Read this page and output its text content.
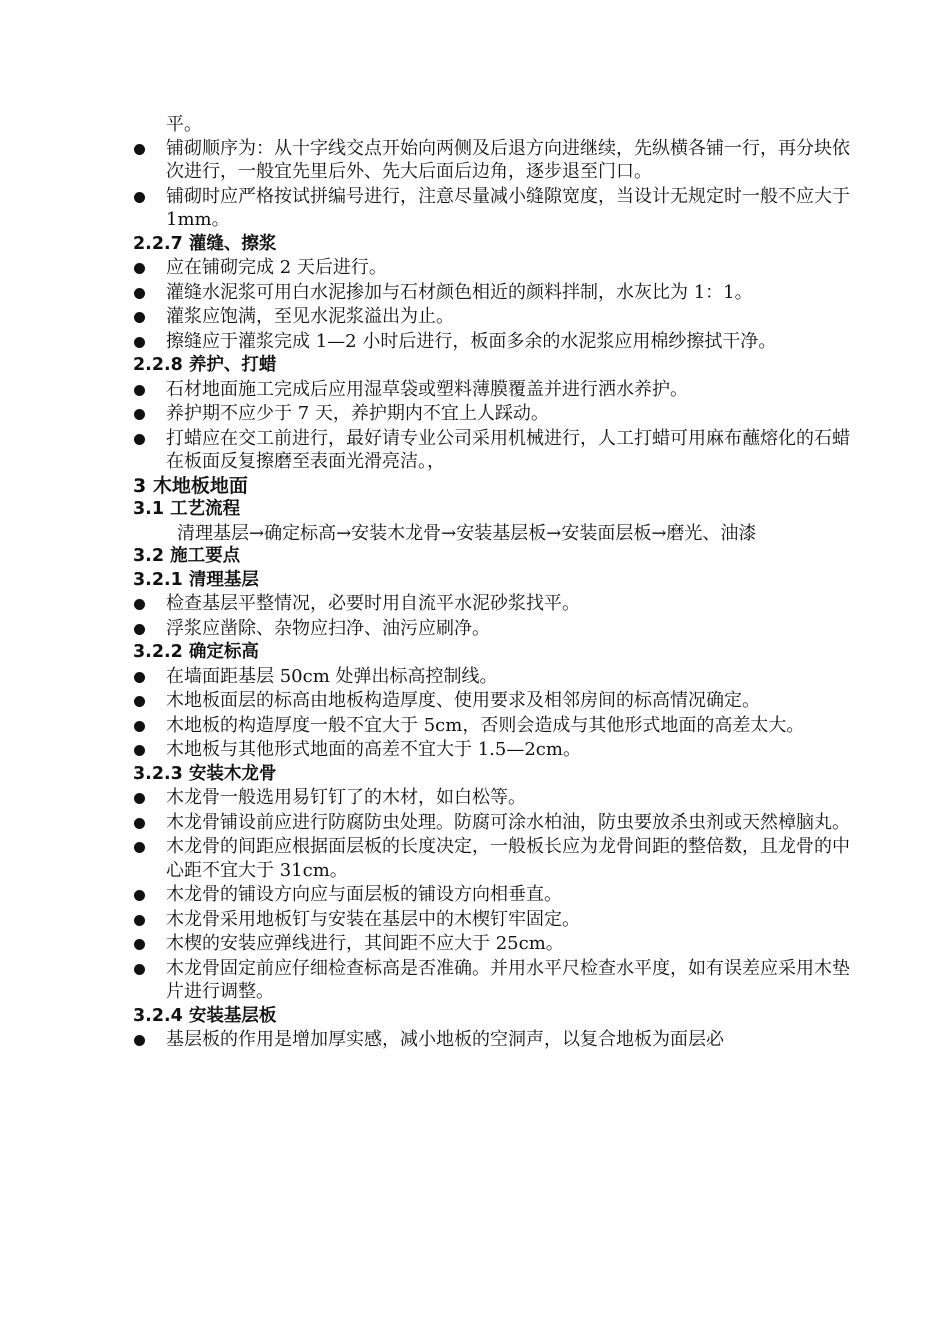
平。
铺砌顺序为：从十字线交点开始向两侧及后退方向进继续，先纵横各铺一行，再分块依次进行，一般宜先里后外、先大后面后边角，逐步退至门口。
铺砌时应严格按试拼编号进行，注意尽量减小缝隙宽度，当设计无规定时一般不应大于 1mm。
2.2.7 灌缝、擦浆
应在铺砌完成 2 天后进行。
灌缝水泥浆可用白水泥掺加与石材颜色相近的颜料拌制，水灰比为 1：1。
灌浆应饱满，至见水泥浆溢出为止。
擦缝应于灌浆完成 1—2 小时后进行，板面多余的水泥浆应用棉纱擦拭干净。
2.2.8 养护、打蜡
石材地面施工完成后应用湿草袋或塑料薄膜覆盖并进行洒水养护。
养护期不应少于 7 天，养护期内不宜上人踩动。
打蜡应在交工前进行，最好请专业公司采用机械进行，人工打蜡可用麻布蘸熔化的石蜡在板面反复擦磨至表面光滑亮洁。，
3 木地板地面
3.1 工艺流程
清理基层→确定标高→安装木龙骨→安装基层板→安装面层板→磨光、油漆
3.2 施工要点
3.2.1 清理基层
检查基层平整情况，必要时用自流平水泥砂浆找平。
浮浆应凿除、杂物应扫净、油污应刷净。
3.2.2 确定标高
在墙面距基层 50cm 处弹出标高控制线。
木地板面层的标高由地板构造厚度、使用要求及相邻房间的标高情况确定。
木地板的构造厚度一般不宜大于 5cm，否则会造成与其他形式地面的高差太大。
木地板与其他形式地面的高差不宜大于 1.5—2cm。
3.2.3 安装木龙骨
木龙骨一般选用易钉钉了的木材，如白松等。
木龙骨铺设前应进行防腐防虫处理。防腐可涂水柏油，防虫要放杀虫剂或天然樟脑丸。
木龙骨的间距应根据面层板的长度决定，一般板长应为龙骨间距的整倍数，且龙骨的中心距不宜大于 31cm。
木龙骨的铺设方向应与面层板的铺设方向相垂直。
木龙骨采用地板钉与安装在基层中的木楔钉牢固定。
木楔的安装应弹线进行，其间距不应大于 25cm。
木龙骨固定前应仔细检查标高是否准确。并用水平尺检查水平度，如有误差应采用木垫片进行调整。
3.2.4 安装基层板
基层板的作用是增加厚实感，减小地板的空洞声，以复合地板为面层必
